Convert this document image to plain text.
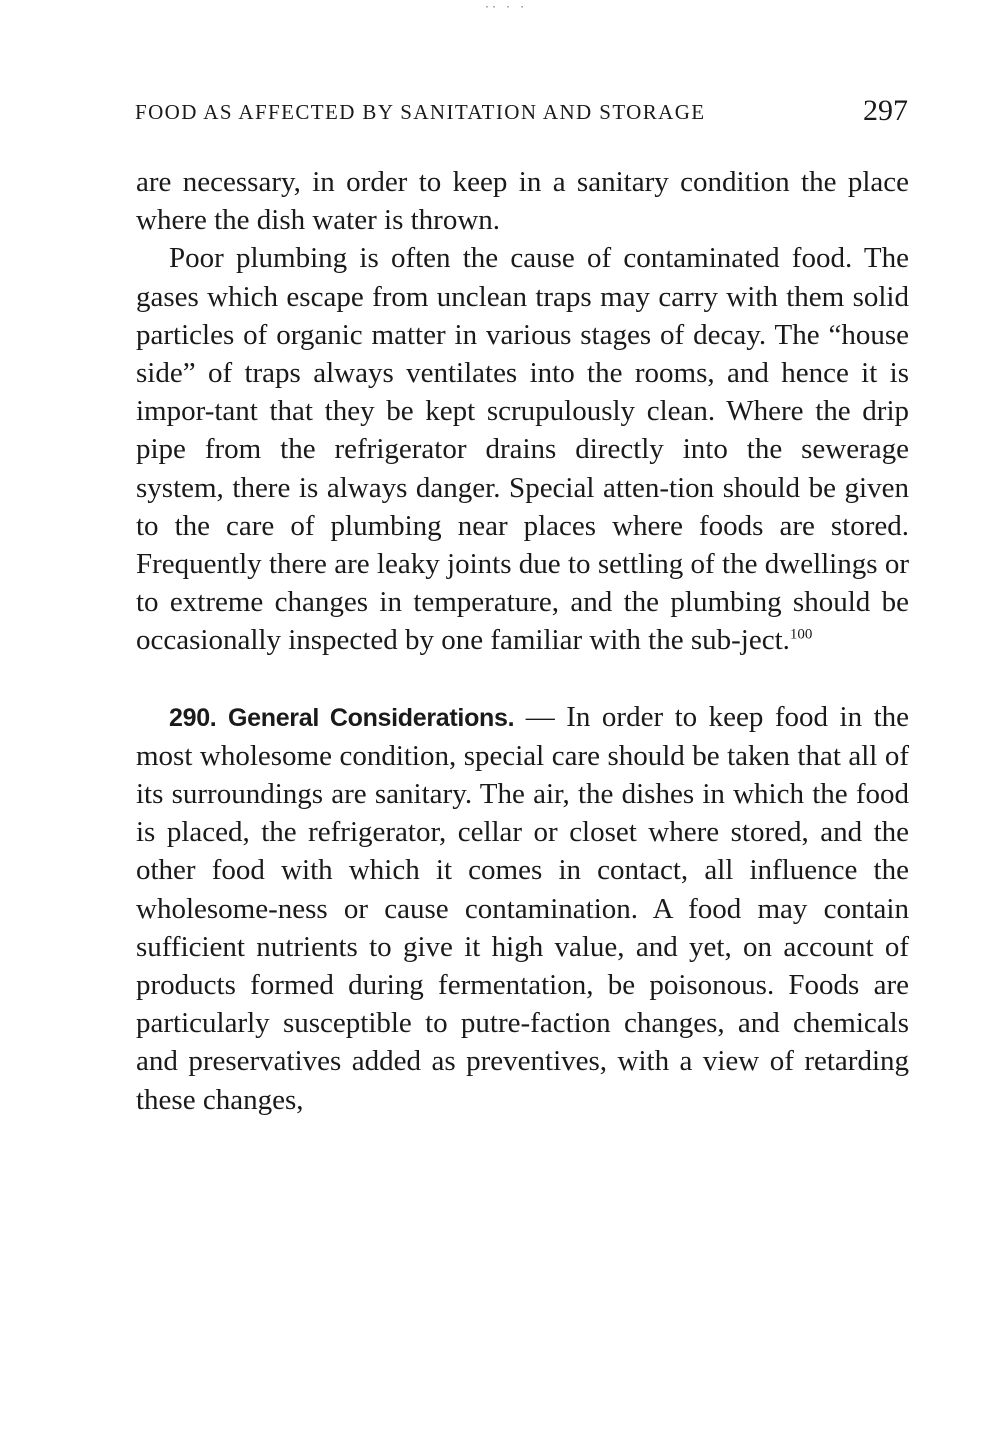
·· · ·
FOOD AS AFFECTED BY SANITATION AND STORAGE	297

are necessary, in order to keep in a sanitary condition the place where the dish water is thrown.

Poor plumbing is often the cause of contaminated food. The gases which escape from unclean traps may carry with them solid particles of organic matter in various stages of decay. The “house side” of traps always ventilates into the rooms, and hence it is impor-tant that they be kept scrupulously clean. Where the drip pipe from the refrigerator drains directly into the sewerage system, there is always danger. Special atten-tion should be given to the care of plumbing near places where foods are stored. Frequently there are leaky joints due to settling of the dwellings or to extreme changes in temperature, and the plumbing should be occasionally inspected by one familiar with the sub-ject.$^{100}$

290. General Considerations. — In order to keep food in the most wholesome condition, special care should be taken that all of its surroundings are sanitary. The air, the dishes in which the food is placed, the refrigerator, cellar or closet where stored, and the other food with which it comes in contact, all influence the wholesome-ness or cause contamination. A food may contain sufficient nutrients to give it high value, and yet, on account of products formed during fermentation, be poisonous. Foods are particularly susceptible to putre-faction changes, and chemicals and preservatives added as preventives, with a view of retarding these changes,
